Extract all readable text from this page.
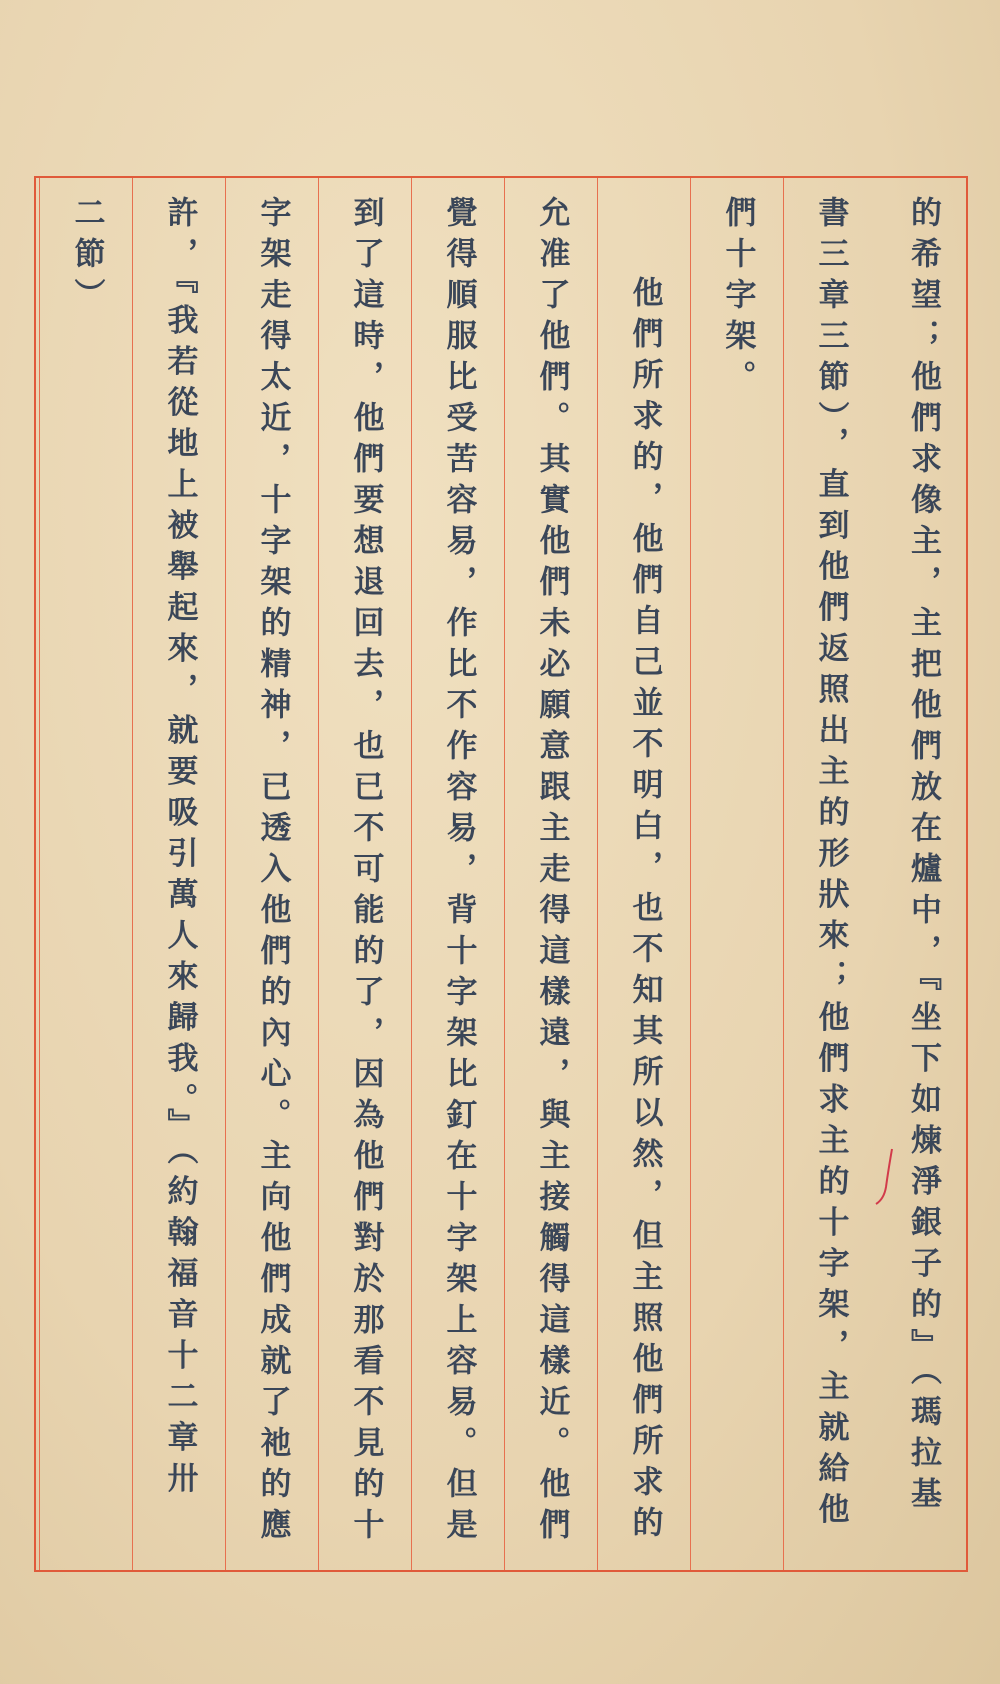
的希望；他們求像主，主把他們放在爐中，『坐下如煉淨銀子的』（瑪拉基
書三章三節），直到他們返照出主的形狀來；他們求主的十字架，主就給他
們十字架。
他們所求的，他們自己並不明白，也不知其所以然，但主照他們所求的
允准了他們。其實他們未必願意跟主走得這樣遠，與主接觸得這樣近。他們
覺得順服比受苦容易，作比不作容易，背十字架比釘在十字架上容易。但是
到了這時，他們要想退回去，也已不可能的了，因為他們對於那看不見的十
字架走得太近，十字架的精神，已透入他們的內心。主向他們成就了祂的應
許，『我若從地上被舉起來，就要吸引萬人來歸我。』（約翰福音十二章卅
二節）
